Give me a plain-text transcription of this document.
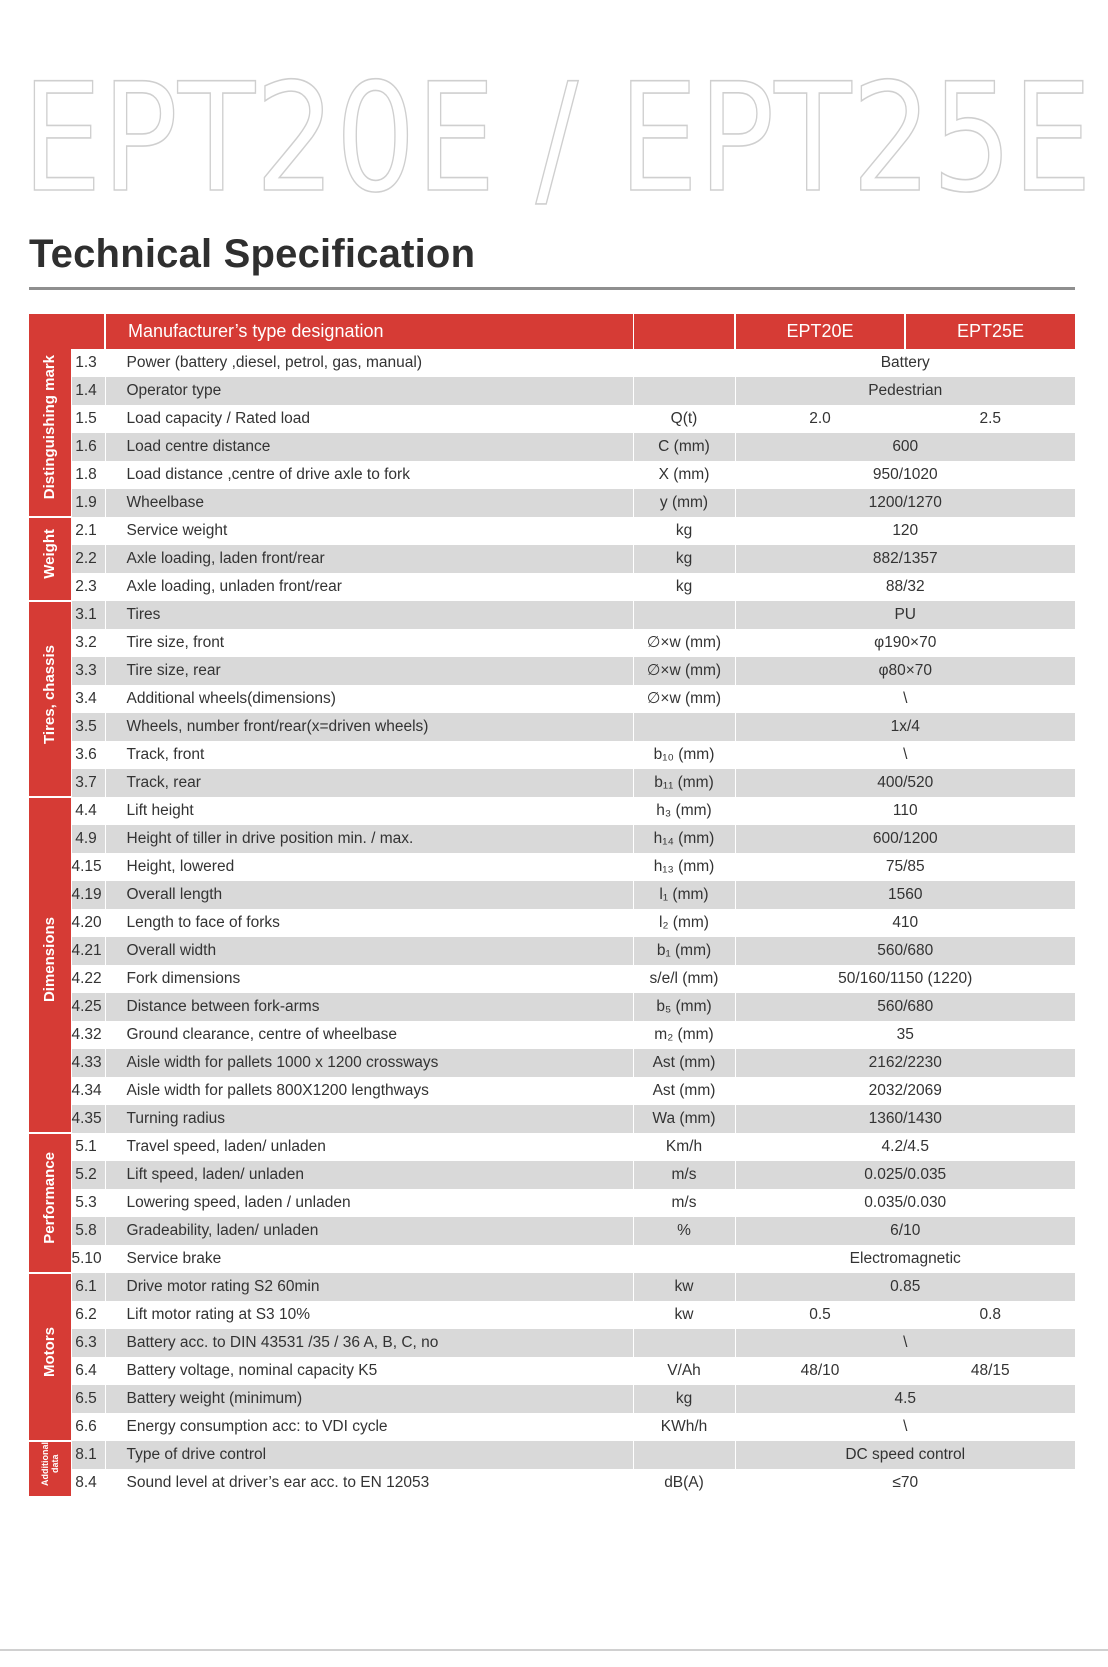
EPT20E / EPT25E
Technical Specification
		Manufacturer’s type designation		EPT20E	EPT25E
Distinguishing mark	1.3	Power (battery ,diesel, petrol, gas, manual)		Battery	
	1.4	Operator type		Pedestrian	
	1.5	Load capacity / Rated load	Q(t)	2.0	2.5
	1.6	Load centre distance	C (mm)	600	
	1.8	Load distance ,centre of drive axle to fork	X (mm)	950/1020	
	1.9	Wheelbase	y (mm)	1200/1270	
Weight	2.1	Service weight	kg	120	
	2.2	Axle loading, laden front/rear	kg	882/1357	
	2.3	Axle loading, unladen front/rear	kg	88/32	
Tires, chassis	3.1	Tires		PU	
	3.2	Tire size, front	∅×w (mm)	φ190×70	
	3.3	Tire size, rear	∅×w (mm)	φ80×70	
	3.4	Additional wheels(dimensions)	∅×w (mm)	\	
	3.5	Wheels, number front/rear(x=driven wheels)		1x/4	
	3.6	Track, front	b₁₀ (mm)	\	
	3.7	Track, rear	b₁₁ (mm)	400/520	
Dimensions	4.4	Lift height	h₃ (mm)	110	
	4.9	Height of tiller in drive position min. / max.	h₁₄ (mm)	600/1200	
	4.15	Height, lowered	h₁₃ (mm)	75/85	
	4.19	Overall length	l₁ (mm)	1560	
	4.20	Length to face of forks	l₂ (mm)	410	
	4.21	Overall width	b₁ (mm)	560/680	
	4.22	Fork dimensions	s/e/l (mm)	50/160/1150 (1220)	
	4.25	Distance between fork-arms	b₅ (mm)	560/680	
	4.32	Ground clearance, centre of wheelbase	m₂ (mm)	35	
	4.33	Aisle width for pallets 1000 x 1200 crossways	Ast (mm)	2162/2230	
	4.34	Aisle width for pallets 800X1200 lengthways	Ast (mm)	2032/2069	
	4.35	Turning radius	Wa (mm)	1360/1430	
Performance	5.1	Travel speed, laden/ unladen	Km/h	4.2/4.5	
	5.2	Lift speed, laden/ unladen	m/s	0.025/0.035	
	5.3	Lowering speed, laden / unladen	m/s	0.035/0.030	
	5.8	Gradeability, laden/ unladen	%	6/10	
	5.10	Service brake		Electromagnetic	
Motors	6.1	Drive motor rating S2 60min	kw	0.85	
	6.2	Lift motor rating at S3 10%	kw	0.5	0.8
	6.3	Battery acc. to DIN 43531 /35 / 36 A, B, C, no		\	
	6.4	Battery voltage, nominal capacity K5	V/Ah	48/10	48/15
	6.5	Battery weight (minimum)	kg	4.5	
	6.6	Energy consumption acc: to VDI cycle	KWh/h	\	
Additional data	8.1	Type of drive control		DC speed control	
	8.4	Sound level at driver’s ear acc. to EN 12053	dB(A)	≤70	
